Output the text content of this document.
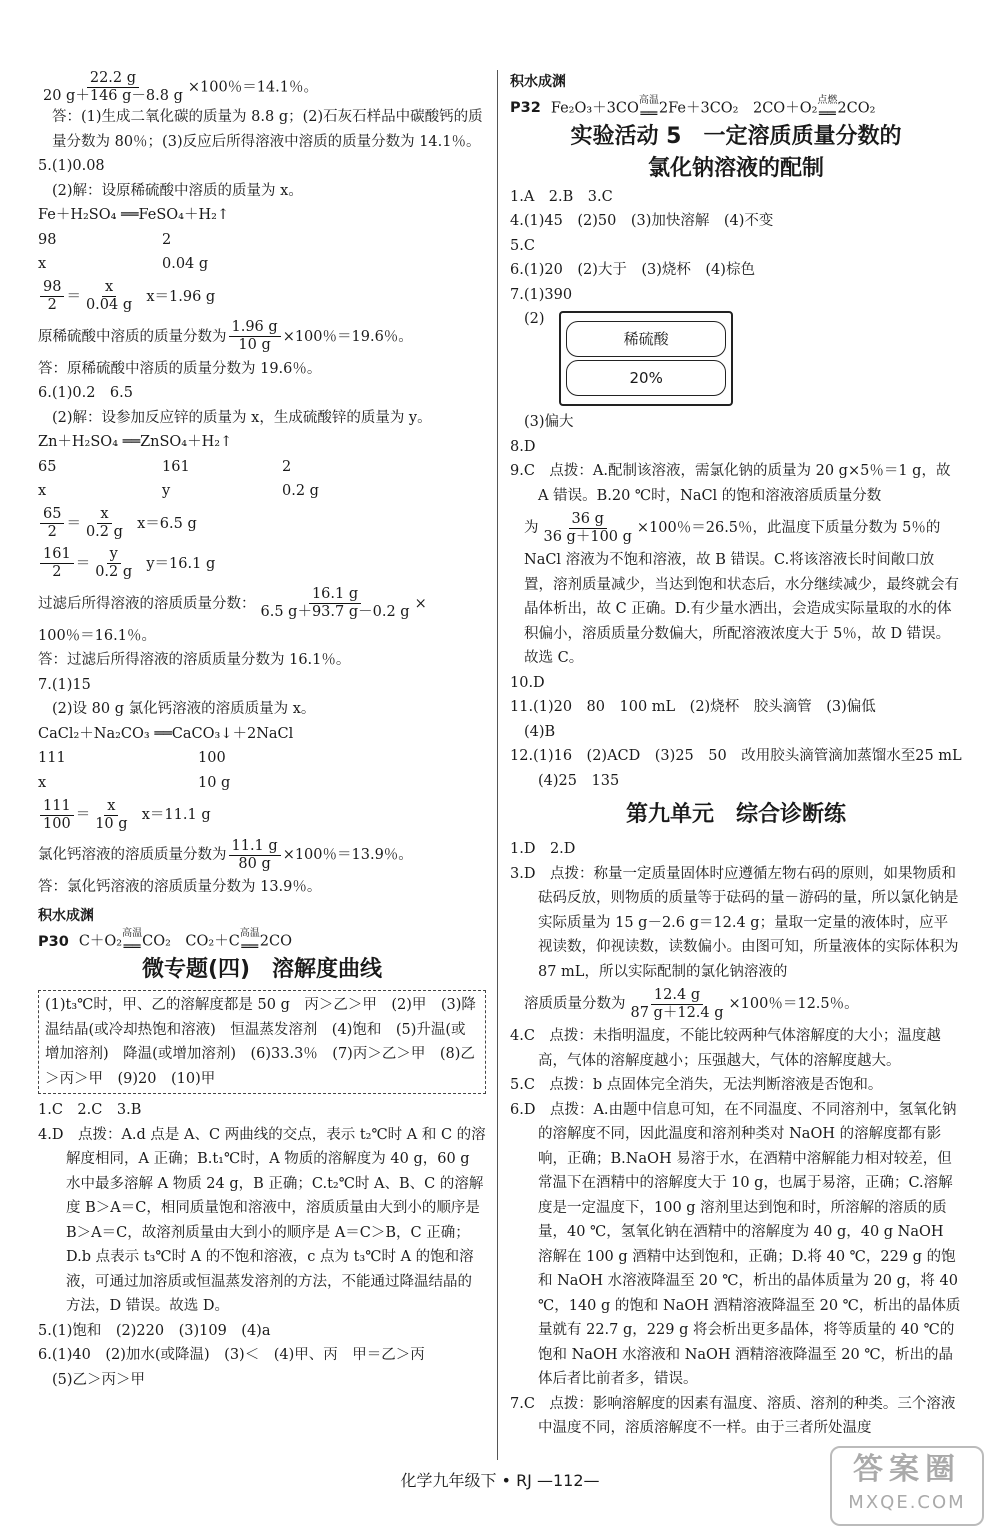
$\frac{22.2 g}{20 g+146 g-8.8 g} \times 100$％＝14.1％。
答：(1)生成二氧化碳的质量为 8.8 g；(2)石灰石样品中碳酸钙的质量分数为 80％；(3)反应后所得溶液中溶质的质量分数为 14.1％。
5.(1)0.08
(2)解：设原稀硫酸中溶质的质量为 x。
Fe＋H₂SO₄ ══FeSO₄＋H₂↑
98	2
x	0.04 g
$\frac{98}{2} = \frac{x}{0.04 g} x=1.96$ g
原稀硫酸中溶质的质量分数为 $\frac{1.96 g}{10 g} \times 100$％＝19.6％。
答：原稀硫酸中溶质的质量分数为 19.6％。
6.(1)0.2　6.5
(2)解：设参加反应锌的质量为 x，生成硫酸锌的质量为 y。
Zn＋H₂SO₄ ══ZnSO₄＋H₂↑
65	161	2
x	y	0.2 g
$\frac{65}{2} = \frac{x}{0.2 g} x=6.5$ g
$\frac{161}{2} = \frac{y}{0.2 g} y=16.1$ g
过滤后所得溶液的溶质质量分数： $\frac{16.1 g}{6.5 g+93.7 g-0.2 g}$ ×
100％＝16.1％。
答：过滤后所得溶液的溶质质量分数为 16.1％。
7.(1)15
(2)设 80 g 氯化钙溶液的溶质质量为 x。
CaCl₂＋Na₂CO₃ ══CaCO₃↓＋2NaCl
111	100
x	10 g
$\frac{111}{100} = \frac{x}{10 g} x=11.1$ g
氯化钙溶液的溶质质量分数为 $\frac{11.1 g}{80 g} \times 100$％＝13.9％。
答：氯化钙溶液的溶质质量分数为 13.9％。
积水成渊
P30 C＋O₂ 高温
══ CO₂　CO₂＋C 高温
══ 2CO
微专题(四)　溶解度曲线
(1)t₃℃时，甲、乙的溶解度都是 50 g　丙＞乙＞甲　(2)甲　(3)降温结晶(或冷却热饱和溶液)　恒温蒸发溶剂　(4)饱和　(5)升温(或增加溶剂)　降温(或增加溶剂)　(6)33.3％　(7)丙＞乙＞甲　(8)乙＞丙＞甲　(9)20　(10)甲
1.C　2.C　3.B
4.D　点拨：A.d 点是 A、C 两曲线的交点，表示 t₂℃时 A 和 C 的溶解度相同，A 正确；B.t₁℃时，A 物质的溶解度为 40 g，60 g 水中最多溶解 A 物质 24 g，B 正确；C.t₂℃时 A、B、C 的溶解度 B＞A＝C，相同质量饱和溶液中，溶质质量由大到小的顺序是 B＞A＝C，故溶剂质量由大到小的顺序是 A＝C＞B，C 正确；D.b 点表示 t₃℃时 A 的不饱和溶液，c 点为 t₃℃时 A 的饱和溶液，可通过加溶质或恒温蒸发溶剂的方法，不能通过降温结晶的方法，D 错误。故选 D。
5.(1)饱和　(2)220　(3)109　(4)a
6.(1)40　(2)加水(或降温)　(3)＜　(4)甲、丙　甲＝乙＞丙
(5)乙＞丙＞甲
积水成渊
P32 Fe₂O₃＋3CO 高温
══ 2Fe＋3CO₂　2CO＋O₂ 点燃
══ 2CO₂
实验活动 5　一定溶质质量分数的
氯化钠溶液的配制
1.A　2.B　3.C
4.(1)45　(2)50　(3)加快溶解　(4)不变
5.C
6.(1)20　(2)大于　(3)烧杯　(4)棕色
7.(1)390
(2)
稀硫酸
20%
(3)偏大
8.D
9.C　点拨：A.配制该溶液，需氯化钠的质量为 20 g×5％＝1 g，故 A 错误。B.20 ℃时，NaCl 的饱和溶液溶质质量分数
为 $\frac{36 g}{36 g+100 g} \times 100$％＝26.5％，此温度下质量分数为 5％的
NaCl 溶液为不饱和溶液，故 B 错误。C.将该溶液长时间敞口放置，溶剂质量减少，当达到饱和状态后，水分继续减少，最终就会有晶体析出，故 C 正确。D.有少量水洒出，会造成实际量取的水的体积偏小，溶质质量分数偏大，所配溶液浓度大于 5％，故 D 错误。故选 C。
10.D
11.(1)20　80　100 mL　(2)烧杯　胶头滴管　(3)偏低
(4)B
12.(1)16　(2)ACD　(3)25　50　改用胶头滴管滴加蒸馏水至25 mL　(4)25　135
第九单元　综合诊断练
1.D　2.D
3.D　点拨：称量一定质量固体时应遵循左物右码的原则，如果物质和砝码反放，则物质的质量等于砝码的量－游码的量，所以氯化钠是实际质量为 15 g－2.6 g＝12.4 g；量取一定量的液体时，应平视读数，仰视读数，读数偏小。由图可知，所量液体的实际体积为 87 mL，所以实际配制的氯化钠溶液的
溶质质量分数为 $\frac{12.4 g}{87 g+12.4 g} \times 100$％＝12.5％。
4.C　点拨：未指明温度，不能比较两种气体溶解度的大小；温度越高，气体的溶解度越小；压强越大，气体的溶解度越大。
5.C　点拨：b 点固体完全消失，无法判断溶液是否饱和。
6.D　点拨：A.由题中信息可知，在不同温度、不同溶剂中，氢氧化钠的溶解度不同，因此温度和溶剂种类对 NaOH 的溶解度都有影响，正确；B.NaOH 易溶于水，在酒精中溶解能力相对较差，但常温下在酒精中的溶解度大于 10 g，也属于易溶，正确；C.溶解度是一定温度下，100 g 溶剂里达到饱和时，所溶解的溶质的质量，40 ℃，氢氧化钠在酒精中的溶解度为 40 g，40 g NaOH 溶解在 100 g 酒精中达到饱和，正确；D.将 40 ℃，229 g 的饱和 NaOH 水溶液降温至 20 ℃，析出的晶体质量为 20 g，将 40 ℃，140 g 的饱和 NaOH 酒精溶液降温至 20 ℃，析出的晶体质量就有 22.7 g，229 g 将会析出更多晶体，将等质量的 40 ℃的饱和 NaOH 水溶液和 NaOH 酒精溶液降温至 20 ℃，析出的晶体后者比前者多，错误。
7.C　点拨：影响溶解度的因素有温度、溶质、溶剂的种类。三个溶液中温度不同，溶质溶解度不一样。由于三者所处温度
化学九年级下 • RJ —112—	答案圈
MXQE.COM
